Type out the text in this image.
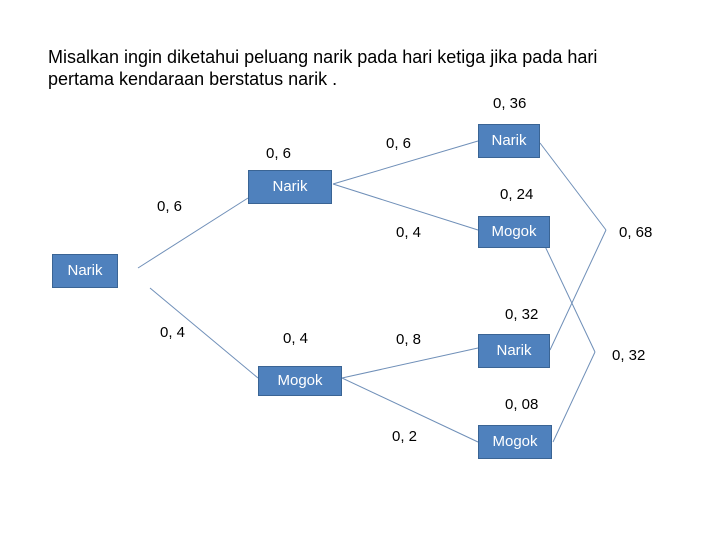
Misalkan ingin diketahui peluang narik pada hari ketiga jika pada hari pertama kendaraan berstatus narik .
Narik
Narik
Mogok
Narik
Mogok
Narik
Mogok
0, 6
0, 4
0, 6
0, 4
0, 6
0, 4
0, 8
0, 2
0, 36
0, 24
0, 32
0, 08
0, 68
0, 32
